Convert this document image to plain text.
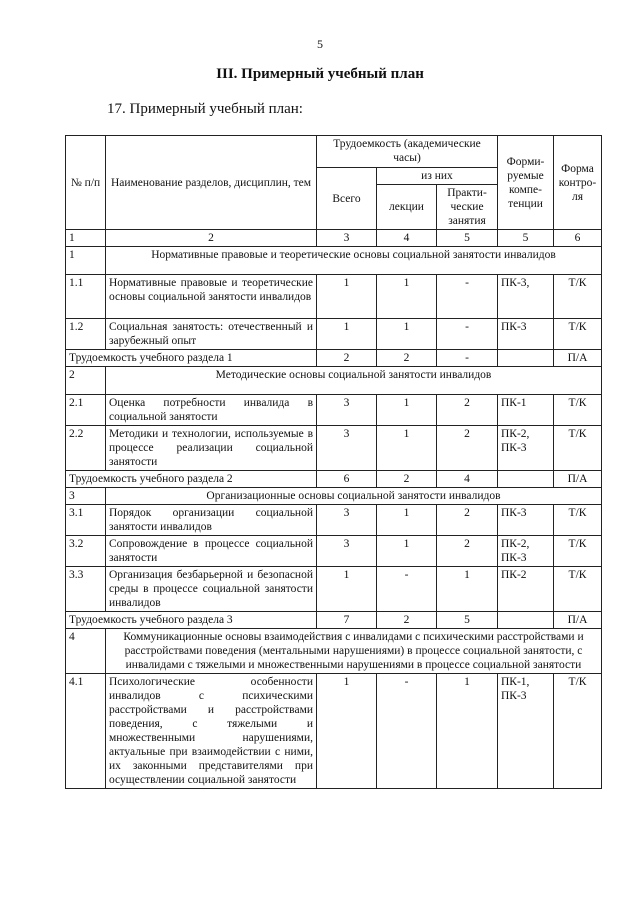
5
III. Примерный учебный план
17. Примерный учебный план:
№ п/п	Наименование разделов, дисциплин, тем	Трудоемкость (академические часы)			Форми-руемые компе-тенции	Форма контро-ля
		Всего	из них			
			лекции	Практи-ческие занятия		
1	2	3	4	5	5	6
1	Нормативные правовые и теоретические основы социальной занятости инвалидов					
1.1	Нормативные правовые и теоретические основы социальной занятости инвалидов	1	1	-	ПК-3,	Т/К
1.2	Социальная занятость: отечественный и зарубежный опыт	1	1	-	ПК-3	Т/К
Трудоемкость учебного раздела 1		2	2	-		П/А
2	Методические основы социальной занятости инвалидов					
2.1	Оценка потребности инвалида в социальной занятости	3	1	2	ПК-1	Т/К
2.2	Методики и технологии, используемые в процессе реализации социальной занятости	3	1	2	ПК-2, ПК-3	Т/К
Трудоемкость учебного раздела 2		6	2	4		П/А
3	Организационные основы социальной занятости инвалидов					
3.1	Порядок организации социальной занятости инвалидов	3	1	2	ПК-3	Т/К
3.2	Сопровождение в процессе социальной занятости	3	1	2	ПК-2, ПК-3	Т/К
3.3	Организация безбарьерной и безопасной среды в процессе социальной занятости инвалидов	1	-	1	ПК-2	Т/К
Трудоемкость учебного раздела 3		7	2	5		П/А
4	Коммуникационные основы взаимодействия с инвалидами с психическими расстройствами и расстройствами поведения (ментальными нарушениями) в процессе социальной занятости, с инвалидами с тяжелыми и множественными нарушениями в процессе социальной занятости					
4.1	Психологические особенности инвалидов с психическими расстройствами и расстройствами поведения, с тяжелыми и множественными нарушениями, актуальные при взаимодействии с ними, их законными представителями при осуществлении социальной занятости	1	-	1	ПК-1, ПК-3	Т/К
